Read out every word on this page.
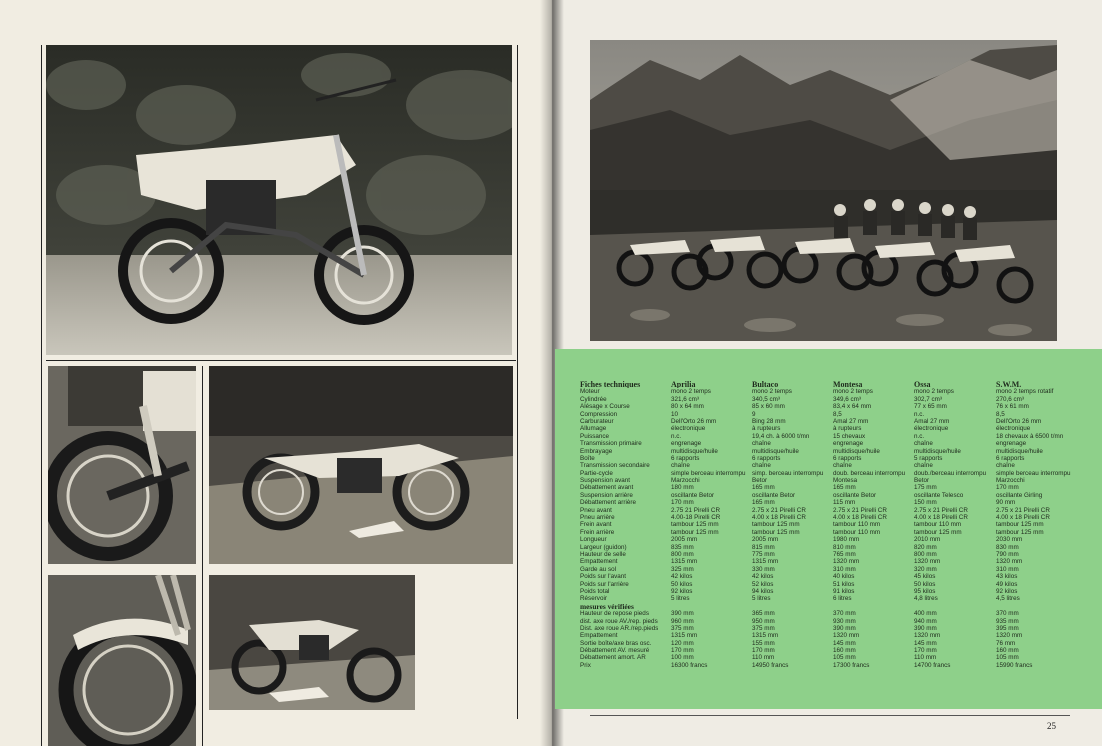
Fiches techniques
Moteur
Cylindrée
Alésage x Course
Compression
Carburateur
Allumage
Puissance
Transmission primaire
Embrayage
Boîte
Transmission secondaire
Partie-cycle
Suspension avant
Débattement avant
Suspension arrière
Débattement arrière
Pneu avant
Pneu arrière
Frein avant
Frein arrière
Longueur
Largeur (guidon)
Hauteur de selle
Empattement
Garde au sol
Poids sur l'avant
Poids sur l'arrière
Poids total
Réservoir
mesures vérifiées
Hauteur de repose pieds
dist. axe roue AV./rep. pieds
Dist. axe roue AR./rep.pieds
Empattement
Sortie boîte/axe bras osc.
Débattement AV. mesuré
Débattement amort. AR
Prix
Aprilia
mono 2 temps
321,6 cm³
80 x 64 mm
10
Dell'Orto 26 mm
électronique
n.c.
engrenage
multidisque/huile
6 rapports
chaîne
simple berceau interrompu
Marzocchi
180 mm
oscillante Betor
170 mm
2.75 21 Pirelli CR
4.00-18 Pirelli CR
tambour 125 mm
tambour 125 mm
2005 mm
835 mm
800 mm
1315 mm
325 mm
42 kilos
50 kilos
92 kilos
5 litres
390 mm
960 mm
375 mm
1315 mm
120 mm
170 mm
100 mm
16300 francs
Bultaco
mono 2 temps
340,5 cm³
85 x 60 mm
9
Bing 28 mm
à rupteurs
19,4 ch. à 6000 t/mn
chaîne
multidisque/huile
6 rapports
chaîne
simp. berceau interrompu
Betor
165 mm
oscillante Betor
165 mm
2.75 x 21 Pirelli CR
4.00 x 18 Pirelli CR
tambour 125 mm
tambour 125 mm
2005 mm
815 mm
775 mm
1315 mm
330 mm
42 kilos
52 kilos
94 kilos
5 litres
365 mm
950 mm
375 mm
1315 mm
155 mm
170 mm
110 mm
14950 francs
Montesa
mono 2 temps
349,6 cm³
83,4 x 64 mm
8,5
Amal 27 mm
à rupteurs
15 chevaux
engrenage
multidisque/huile
6 rapports
chaîne
doub. berceau interrompu
Montesa
165 mm
oscillante Betor
115 mm
2.75 x 21 Pirelli CR
4.00 x 18 Pirelli CR
tambour 110 mm
tambour 110 mm
1980 mm
810 mm
765 mm
1320 mm
310 mm
40 kilos
51 kilos
91 kilos
6 litres
370 mm
930 mm
390 mm
1320 mm
145 mm
160 mm
105 mm
17300 francs
Ossa
mono 2 temps
302,7 cm³
77 x 65 mm
n.c.
Amal 27 mm
électronique
n.c.
chaîne
multidisque/huile
5 rapports
chaîne
doub./berceau interrompu
Betor
175 mm
oscillante Telesco
150 mm
2.75 x 21 Pirelli CR
4.00 x 18 Pirelli CR
tambour 110 mm
tambour 125 mm
2010 mm
820 mm
800 mm
1320 mm
320 mm
45 kilos
50 kilos
95 kilos
4,8 litres
400 mm
940 mm
390 mm
1320 mm
145 mm
170 mm
110 mm
14700 francs
S.W.M.
mono 2 temps rotatif
270,6 cm³
76 x 61 mm
8,5
Dell'Orto 26 mm
électronique
18 chevaux à 6500 t/mn
engrenage
multidisque/huile
6 rapports
chaîne
simple berceau interrompu
Marzocchi
170 mm
oscillante Girling
90 mm
2.75 x 21 Pirelli CR
4.00 x 18 Pirelli CR
tambour 125 mm
tambour 125 mm
2030 mm
830 mm
790 mm
1320 mm
310 mm
43 kilos
49 kilos
92 kilos
4,5 litres
370 mm
935 mm
395 mm
1320 mm
76 mm
160 mm
105 mm
15990 francs
25
